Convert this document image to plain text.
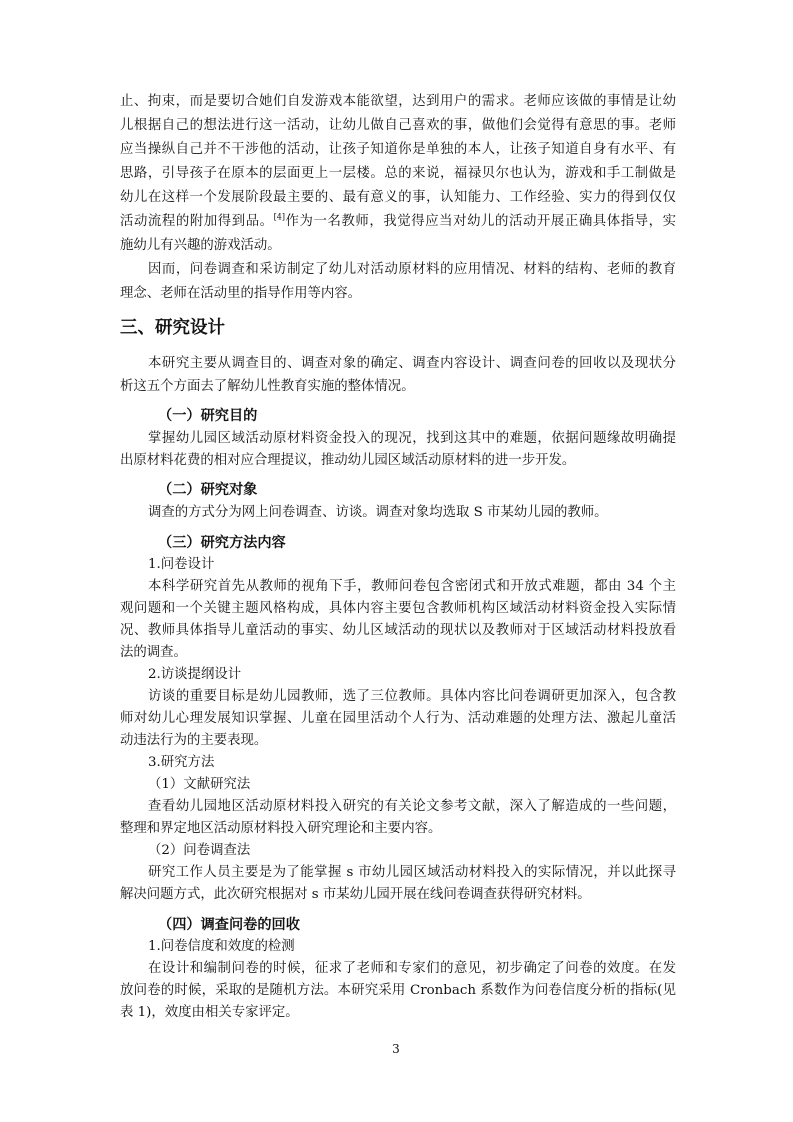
止、拘束，而是要切合她们自发游戏本能欲望，达到用户的需求。老师应该做的事情是让幼
儿根据自己的想法进行这一活动，让幼儿做自己喜欢的事，做他们会觉得有意思的事。老师
应当操纵自己并不干涉他的活动，让孩子知道你是单独的本人，让孩子知道自身有水平、有
思路，引导孩子在原本的层面更上一层楼。总的来说，福禄贝尔也认为，游戏和手工制做是
幼儿在这样一个发展阶段最主要的、最有意义的事，认知能力、工作经验、实力的得到仅仅
活动流程的附加得到品。[4]作为一名教师，我觉得应当对幼儿的活动开展正确具体指导，实
施幼儿有兴趣的游戏活动。
因而，问卷调查和采访制定了幼儿对活动原材料的应用情况、材料的结构、老师的教育
理念、老师在活动里的指导作用等内容。
三、研究设计
本研究主要从调查目的、调查对象的确定、调查内容设计、调查问卷的回收以及现状分
析这五个方面去了解幼儿性教育实施的整体情况。
（一）研究目的
掌握幼儿园区域活动原材料资金投入的现况，找到这其中的难题，依据问题缘故明确提
出原材料花费的相对应合理提议，推动幼儿园区域活动原材料的进一步开发。
（二）研究对象
调查的方式分为网上问卷调查、访谈。调查对象均选取 S 市某幼儿园的教师。
（三）研究方法内容
1.问卷设计
本科学研究首先从教师的视角下手，教师问卷包含密闭式和开放式难题，都由 34 个主
观问题和一个关键主题风格构成，具体内容主要包含教师机构区域活动材料资金投入实际情
况、教师具体指导儿童活动的事实、幼儿区域活动的现状以及教师对于区域活动材料投放看
法的调查。
2.访谈提纲设计
访谈的重要目标是幼儿园教师，选了三位教师。具体内容比问卷调研更加深入，包含教
师对幼儿心理发展知识掌握、儿童在园里活动个人行为、活动难题的处理方法、激起儿童活
动违法行为的主要表现。
3.研究方法
（1）文献研究法
查看幼儿园地区活动原材料投入研究的有关论文参考文献，深入了解造成的一些问题，
整理和界定地区活动原材料投入研究理论和主要内容。
（2）问卷调查法
研究工作人员主要是为了能掌握 s 市幼儿园区域活动材料投入的实际情况，并以此探寻
解决问题方式，此次研究根据对 s 市某幼儿园开展在线问卷调查获得研究材料。
（四）调查问卷的回收
1.问卷信度和效度的检测
在设计和编制问卷的时候，征求了老师和专家们的意见，初步确定了问卷的效度。在发
放问卷的时候，采取的是随机方法。本研究采用 Cronbach 系数作为问卷信度分析的指标(见
表 1)，效度由相关专家评定。
3
